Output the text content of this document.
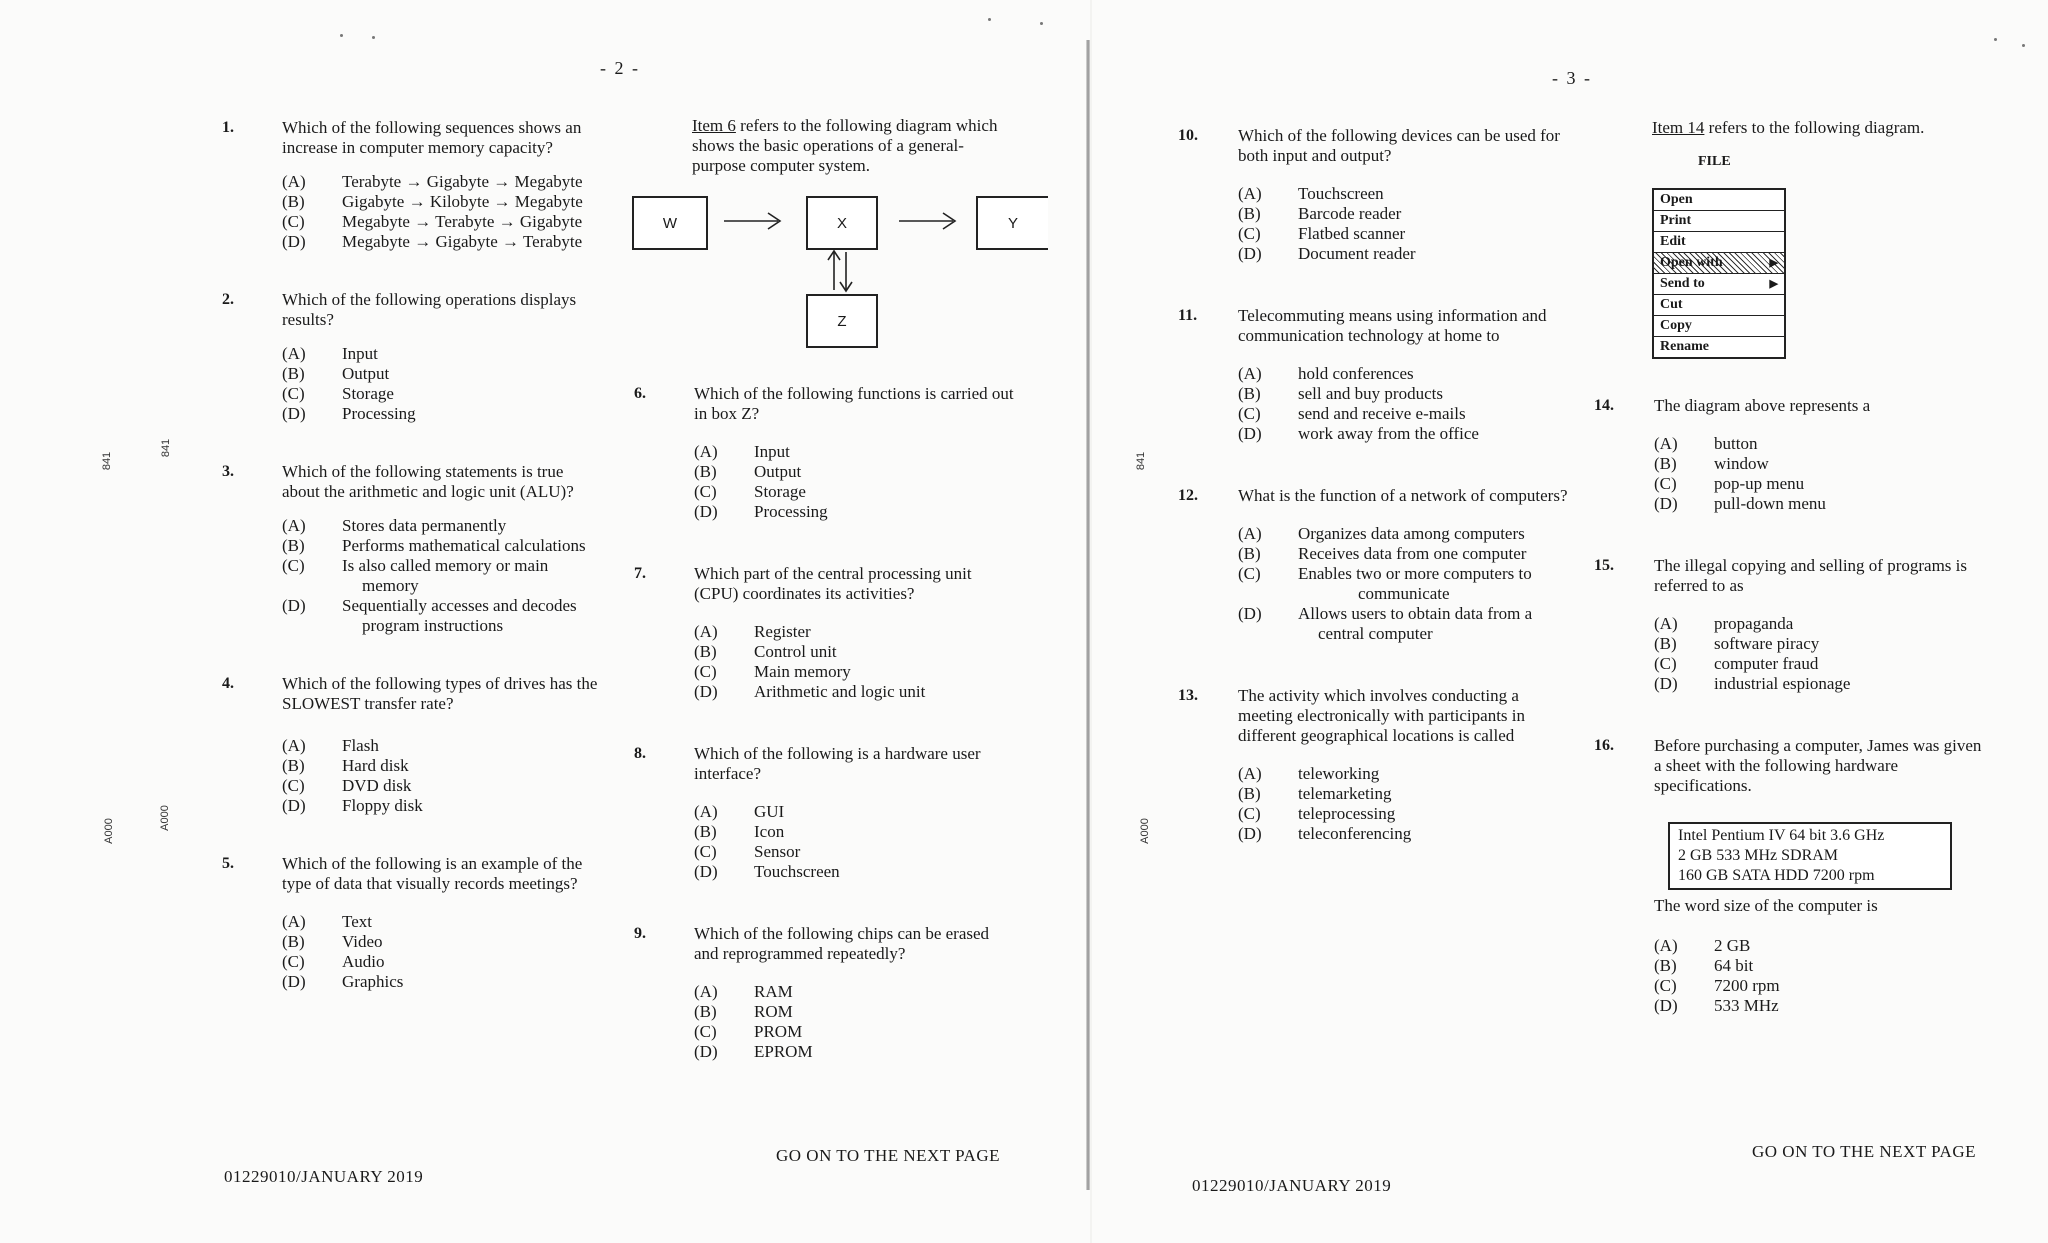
- 2 -
841
841
A000
A000
1.	Which of the following sequences shows an increase in computer memory capacity?

(A)	Terabyte → Gigabyte → Megabyte
(B)	Gigabyte → Kilobyte → Megabyte
(C)	Megabyte → Terabyte → Gigabyte
(D)	Megabyte → Gigabyte → Terabyte
2.	Which of the following operations displays results?

(A)	Input
(B)	Output
(C)	Storage
(D)	Processing
3.	Which of the following statements is true about the arithmetic and logic unit (ALU)?

(A)	Stores data permanently
(B)	Performs mathematical calculations
(C)	Is also called memory or main
memory
(D)	Sequentially accesses and decodes
program instructions
4.	Which of the following types of drives has the SLOWEST transfer rate?

(A)	Flash
(B)	Hard disk
(C)	DVD disk
(D)	Floppy disk
5.	Which of the following is an example of the type of data that visually records meetings?

(A)	Text
(B)	Video
(C)	Audio
(D)	Graphics
Item 6 refers to the following diagram which shows the basic operations of a general-purpose computer system.
W	X	Y
Z
6.	Which of the following functions is carried out in box Z?

(A)	Input
(B)	Output
(C)	Storage
(D)	Processing
7.	Which part of the central processing unit (CPU) coordinates its activities?

(A)	Register
(B)	Control unit
(C)	Main memory
(D)	Arithmetic and logic unit
8.	Which of the following is a hardware user interface?

(A)	GUI
(B)	Icon
(C)	Sensor
(D)	Touchscreen
9.	Which of the following chips can be erased and reprogrammed repeatedly?

(A)	RAM
(B)	ROM
(C)	PROM
(D)	EPROM
GO ON TO THE NEXT PAGE
01229010/JANUARY 2019
- 3 -
841
A000
10. Which of the following devices can be used for both input and output?

(A)	Touchscreen
(B)	Barcode reader
(C)	Flatbed scanner
(D)	Document reader
11. Telecommuting means using information and communication technology at home to

(A)	hold conferences
(B)	sell and buy products
(C)	send and receive e-mails
(D)	work away from the office
12. What is the function of a network of computers?

(A)	Organizes data among computers
(B)	Receives data from one computer
(C)	Enables two or more computers to
communicate
(D)	Allows users to obtain data from a
central computer
13. The activity which involves conducting a meeting electronically with participants in different geographical locations is called

(A)	teleworking
(B)	telemarketing
(C)	teleprocessing
(D)	teleconferencing
Item 14 refers to the following diagram.
FILE
Open
Print
Edit
Open with	▶
Send to	▶
Cut
Copy
Rename
14. The diagram above represents a

(A)	button
(B)	window
(C)	pop-up menu
(D)	pull-down menu
15. The illegal copying and selling of programs is referred to as

(A)	propaganda
(B)	software piracy
(C)	computer fraud
(D)	industrial espionage
16. Before purchasing a computer, James was given a sheet with the following hardware specifications.

The word size of the computer is

(A)	2 GB
(B)	64 bit
(C)	7200 rpm
(D)	533 MHz
Intel Pentium IV 64 bit 3.6 GHz
2 GB 533 MHz SDRAM
160 GB SATA HDD 7200 rpm
GO ON TO THE NEXT PAGE
01229010/JANUARY 2019
